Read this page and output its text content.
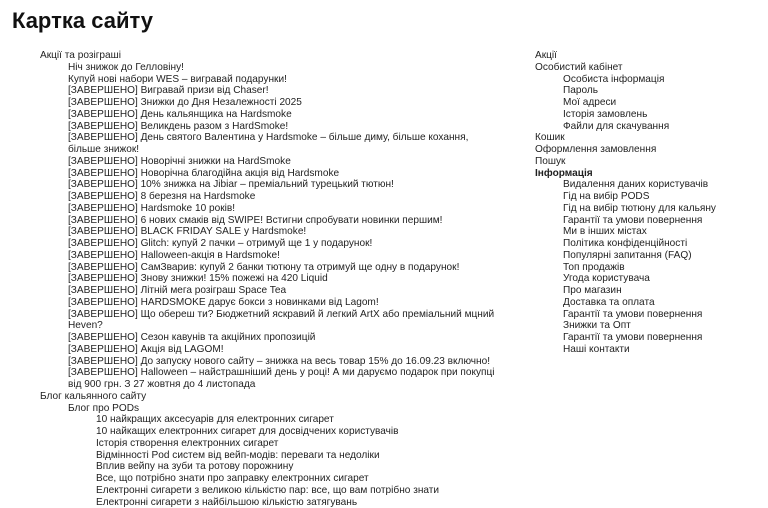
Картка сайту
Акції та розіграші
Ніч знижок до Гелловіну!
Купуй нові набори WES – вигравай подарунки!
[ЗАВЕРШЕНО] Вигравай призи від Chaser!
[ЗАВЕРШЕНО] Знижки до Дня Незалежності 2025
[ЗАВЕРШЕНО] День кальянщика на Hardsmoke
[ЗАВЕРШЕНО] Великдень разом з HardSmoke!
[ЗАВЕРШЕНО] День святого Валентина у Hardsmoke – більше диму, більше кохання, більше знижок!
[ЗАВЕРШЕНО] Новорічні знижки на HardSmoke
[ЗАВЕРШЕНО] Новорічна благодійна акція від Hardsmoke
[ЗАВЕРШЕНО] 10% знижка на Jibiar – преміальний турецький тютюн!
[ЗАВЕРШЕНО] 8 березня на Hardsmoke
[ЗАВЕРШЕНО] Hardsmoke 10 років!
[ЗАВЕРШЕНО] 6 нових смаків від SWIPE! Встигни спробувати новинки першим!
[ЗАВЕРШЕНО] BLACK FRIDAY SALE у Hardsmoke!
[ЗАВЕРШЕНО] Glitch: купуй 2 пачки – отримуй ще 1 у подарунок!
[ЗАВЕРШЕНО] Halloween-акція в Hardsmoke!
[ЗАВЕРШЕНО] СамЗварив: купуй 2 банки тютюну та отримуй ще одну в подарунок!
[ЗАВЕРШЕНО] Знову знижки! 15% пожежі на 420 Liquid
[ЗАВЕРШЕНО] Літній мега розіграш Space Tea
[ЗАВЕРШЕНО] HARDSMOKE дарує бокси з новинками від Lagom!
[ЗАВЕРШЕНО] Що обереш ти? Бюджетний яскравий й легкий ArtX або преміальний мцний Heven?
[ЗАВЕРШЕНО] Сезон кавунів та акційних пропозицій
[ЗАВЕРШЕНО] Акція від LAGOM!
[ЗАВЕРШЕНО] До запуску нового сайту – знижка на весь товар 15% до 16.09.23 включно!
[ЗАВЕРШЕНО] Halloween – найстрашніший день у році! А ми даруємо подарок при покупці від 900 грн. З 27 жовтня до 4 листопада
Блог кальянного сайту
Блог про PODs
10 найкращих аксесуарів для електронних сигарет
10 найкащих електронних сигарет для досвідчених користувачів
Історія створення електронних сигарет
Відмінності Pod систем від вейп-модів: переваги та недоліки
Вплив вейпу на зуби та ротову порожнину
Все, що потрібно знати про заправку електронних сигарет
Електронні сигарети з великою кількістю пар: все, що вам потрібно знати
Електронні сигарети з найбільшою кількістю затягувань
Акції
Особистий кабінет
Особиста інформація
Пароль
Мої адреси
Історія замовлень
Файли для скачування
Кошик
Оформлення замовлення
Пошук
Інформація
Видалення даних користувачів
Гід на вибір PODS
Гід на вибір тютюну для кальяну
Гарантії та умови повернення
Ми в інших містах
Політика конфіденційності
Популярні запитання (FAQ)
Топ продажів
Угода користувача
Про магазин
Доставка та оплата
Гарантії та умови повернення
Знижки та Опт
Гарантії та умови повернення
Наші контакти
